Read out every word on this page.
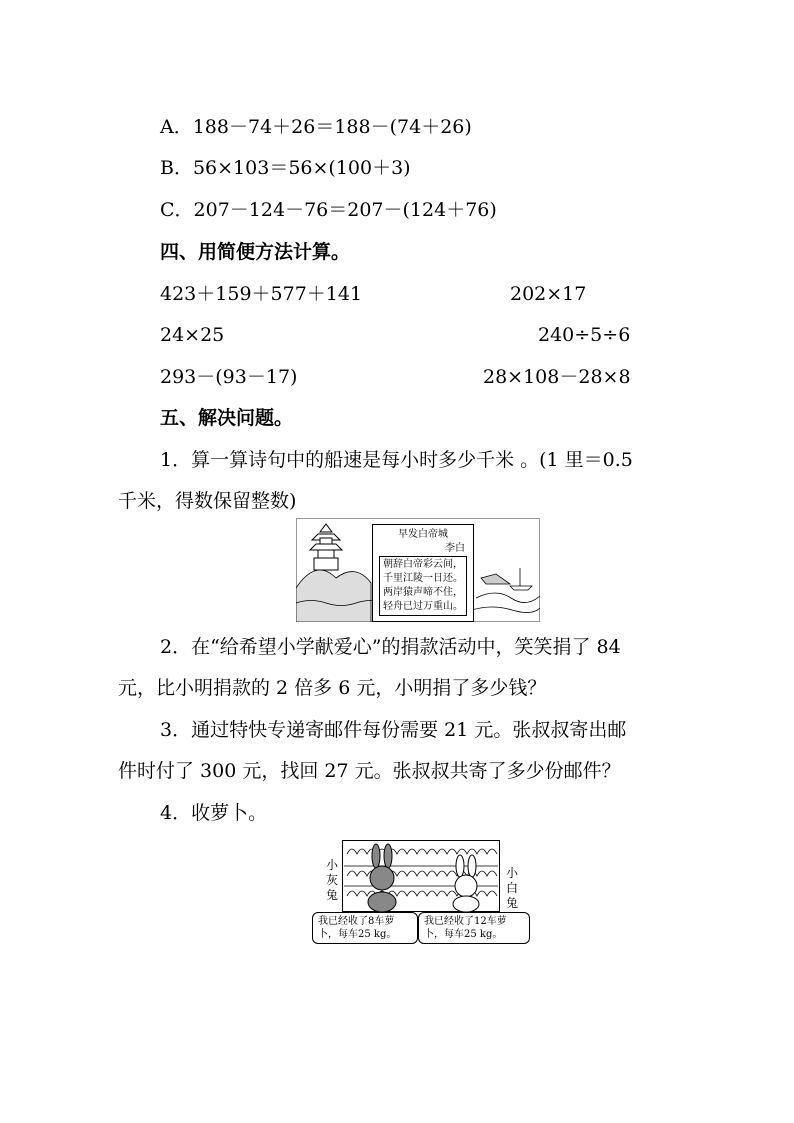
A．188－74＋26＝188－(74＋26)
B．56×103＝56×(100＋3)
C．207－124－76＝207－(124＋76)
四、用简便方法计算。
423＋159＋577＋141	202×17
24×25	240÷5÷6
293－(93－17)	28×108－28×8
五、解决问题。
1．算一算诗句中的船速是每小时多少千米 。(1 里＝0.5
千米，得数保留整数)
早发白帝城
李白
朝辞白帝彩云间，
千里江陵一日还。
两岸猿声啼不住，
轻舟已过万重山。
2．在“给希望小学献爱心”的捐款活动中，笑笑捐了 84
元，比小明捐款的 2 倍多 6 元，小明捐了多少钱？
3．通过特快专递寄邮件每份需要 21 元。张叔叔寄出邮
件时付了 300 元，找回 27 元。张叔叔共寄了多少份邮件？
4．收萝卜。
小灰兔
小白兔
我已经收了8车萝
卜，每车25 kg。
我已经收了12车萝
卜，每车25 kg。
